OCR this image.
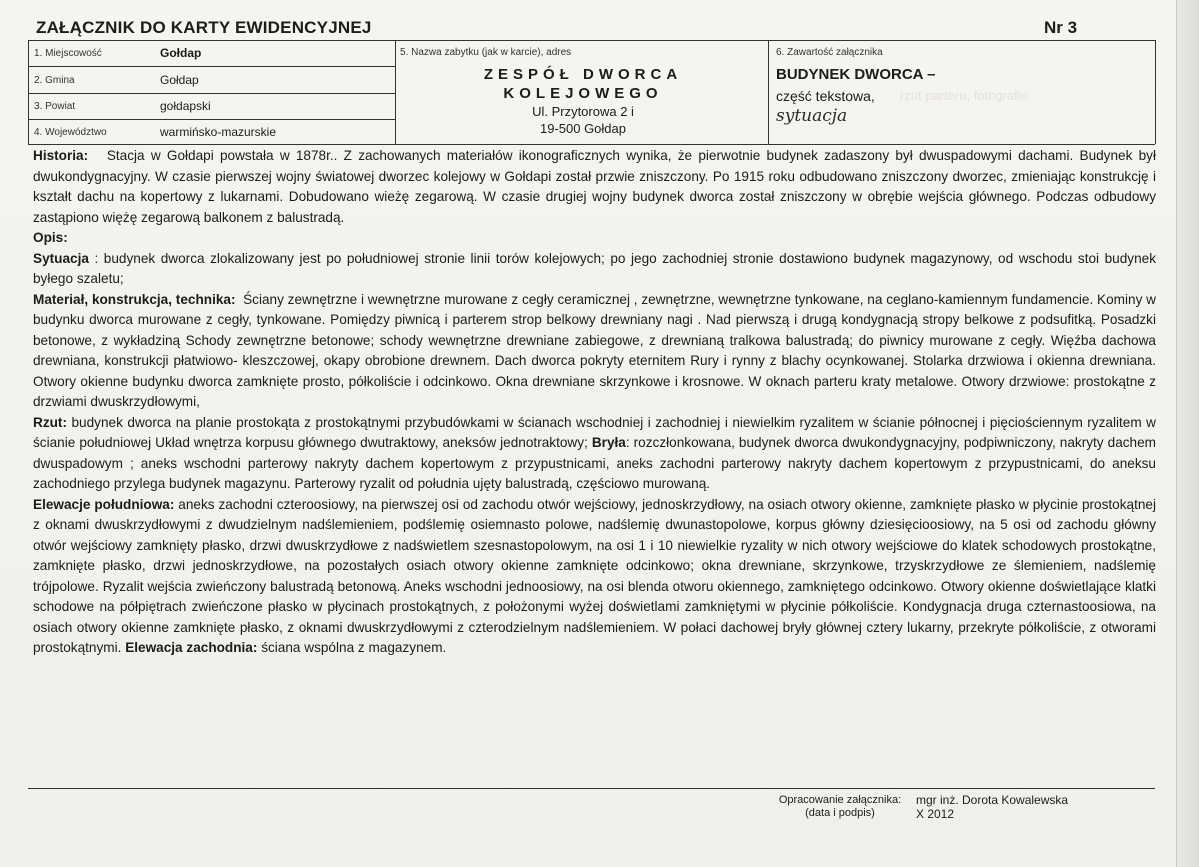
ZAŁĄCZNIK DO KARTY EWIDENCYJNEJ	Nr 3
1. Miejscowość	Gołdap
2. Gmina	Gołdap
3. Powiat	gołdapski
4. Województwo	warmińsko-mazurskie
5. Nazwa zabytku (jak w karcie), adres
ZESPÓŁ DWORCA
KOLEJOWEGO
Ul. Przytorowa 2 i
19-500 Gołdap
6. Zawartość załącznika
BUDYNEK DWORCA –
część tekstowa, rzut parteru, fotografie
sytuacja

Historia: Stacja w Gołdapi powstała w 1878r.. Z zachowanych materiałów ikonograficznych wynika, że pierwotnie budynek zadaszony był dwuspadowymi dachami. Budynek był dwukondygnacyjny. W czasie pierwszej wojny światowej dworzec kolejowy w Gołdapi został przwie zniszczony. Po 1915 roku odbudowano zniszczony dworzec, zmieniając konstrukcję i kształt dachu na kopertowy z lukarnami. Dobudowano wieżę zegarową. W czasie drugiej wojny budynek dworca został zniszczony w obrębie wejścia głównego. Podczas odbudowy zastąpiono więżę zegarową balkonem z balustradą.

Opis:

Sytuacja : budynek dworca zlokalizowany jest po południowej stronie linii torów kolejowych; po jego zachodniej stronie dostawiono budynek magazynowy, od wschodu stoi budynek byłego szaletu;

Materiał, konstrukcja, technika: Ściany zewnętrzne i wewnętrzne murowane z cegły ceramicznej , zewnętrzne, wewnętrzne tynkowane, na ceglano-kamiennym fundamencie. Kominy w budynku dworca murowane z cegły, tynkowane. Pomiędzy piwnicą i parterem strop belkowy drewniany nagi . Nad pierwszą i drugą kondygnacją stropy belkowe z podsufitką. Posadzki betonowe, z wykładziną Schody zewnętrzne betonowe; schody wewnętrzne drewniane zabiegowe, z drewnianą tralkowa balustradą; do piwnicy murowane z cegły. Więźba dachowa drewniana, konstrukcji płatwiowo- kleszczowej, okapy obrobione drewnem. Dach dworca pokryty eternitem Rury i rynny z blachy ocynkowanej. Stolarka drzwiowa i okienna drewniana. Otwory okienne budynku dworca zamknięte prosto, półkoliście i odcinkowo. Okna drewniane skrzynkowe i krosnowe. W oknach parteru kraty metalowe. Otwory drzwiowe: prostokątne z drzwiami dwuskrzydłowymi,

Rzut: budynek dworca na planie prostokąta z prostokątnymi przybudówkami w ścianach wschodniej i zachodniej i niewielkim ryzalitem w ścianie północnej i pięciościennym ryzalitem w ścianie południowej Układ wnętrza korpusu głównego dwutraktowy, aneksów jednotraktowy; Bryła: rozczłonkowana, budynek dworca dwukondygnacyjny, podpiwniczony, nakryty dachem dwuspadowym ; aneks wschodni parterowy nakryty dachem kopertowym z przypustnicami, aneks zachodni parterowy nakryty dachem kopertowym z przypustnicami, do aneksu zachodniego przylega budynek magazynu. Parterowy ryzalit od południa ujęty balustradą, częściowo murowaną.

Elewacje południowa: aneks zachodni czteroosiowy, na pierwszej osi od zachodu otwór wejściowy, jednoskrzydłowy, na osiach otwory okienne, zamknięte płasko w płycinie prostokątnej z oknami dwuskrzydłowymi z dwudzielnym nadślemieniem, podślemię osiemnasto polowe, nadślemię dwunastopolowe, korpus główny dziesięcioosiowy, na 5 osi od zachodu główny otwór wejściowy zamknięty płasko, drzwi dwuskrzydłowe z nadświetlem szesnastopolowym, na osi 1 i 10 niewielkie ryzality w nich otwory wejściowe do klatek schodowych prostokątne, zamknięte płasko, drzwi jednoskrzydłowe, na pozostałych osiach otwory okienne zamknięte odcinkowo; okna drewniane, skrzynkowe, trzyskrzydłowe ze ślemieniem, nadślemię trójpolowe. Ryzalit wejścia zwieńczony balustradą betonową. Aneks wschodni jednoosiowy, na osi blenda otworu okiennego, zamkniętego odcinkowo. Otwory okienne doświetlające klatki schodowe na półpiętrach zwieńczone płasko w płycinach prostokątnych, z położonymi wyżej doświetlami zamkniętymi w płycinie półkoliście. Kondygnacja druga czternastoosiowa, na osiach otwory okienne zamknięte płasko, z oknami dwuskrzydłowymi z czterodzielnym nadślemieniem. W połaci dachowej bryły głównej cztery lukarny, przekryte półkoliście, z otworami prostokątnymi. Elewacja zachodnia: ściana wspólna z magazynem.

Opracowanie załącznika:
(data i podpis)
mgr inż. Dorota Kowalewska
X 2012
